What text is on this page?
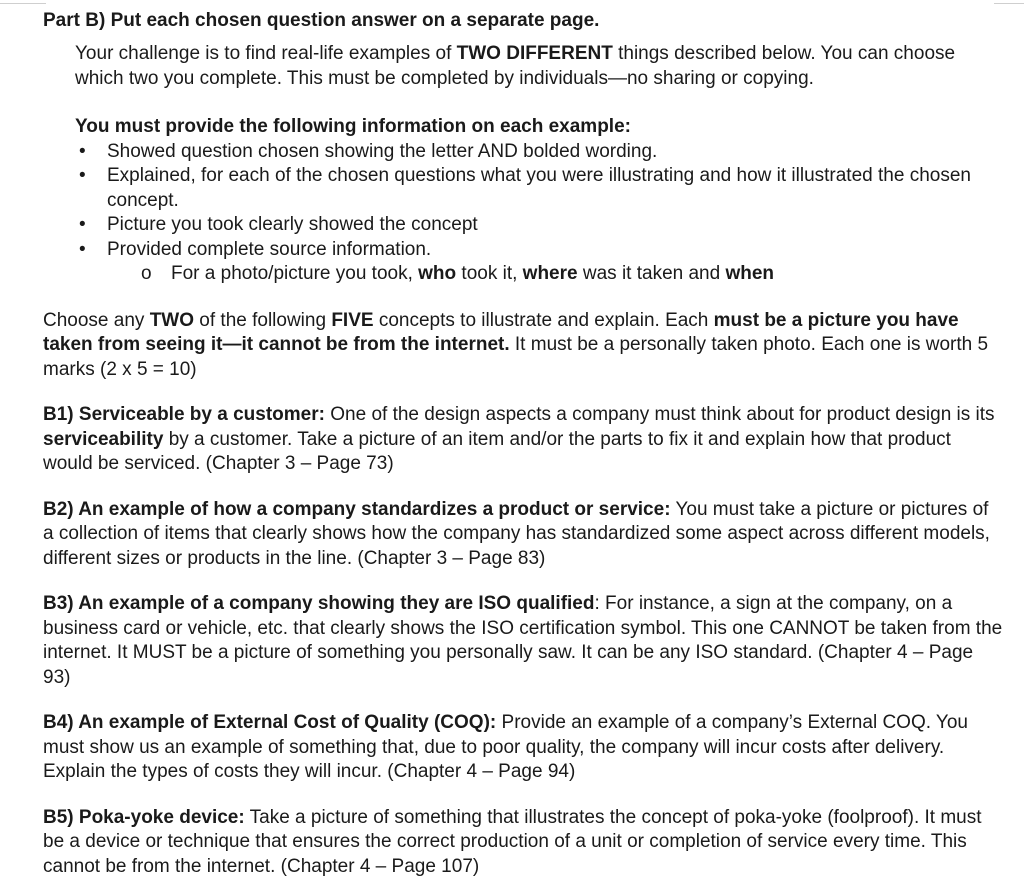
Part B) Put each chosen question answer on a separate page.

Your challenge is to find real-life examples of TWO DIFFERENT things described below. You can choose which two you complete. This must be completed by individuals—no sharing or copying.

You must provide the following information on each example:

• Showed question chosen showing the letter AND bolded wording.
• Explained, for each of the chosen questions what you were illustrating and how it illustrated the chosen concept.
• Picture you took clearly showed the concept
• Provided complete source information.
o For a photo/picture you took, who took it, where was it taken and when

Choose any TWO of the following FIVE concepts to illustrate and explain. Each must be a picture you have taken from seeing it—it cannot be from the internet. It must be a personally taken photo. Each one is worth 5 marks (2 x 5 = 10)

B1) Serviceable by a customer: One of the design aspects a company must think about for product design is its serviceability by a customer. Take a picture of an item and/or the parts to fix it and explain how that product would be serviced. (Chapter 3 – Page 73)

B2) An example of how a company standardizes a product or service: You must take a picture or pictures of a collection of items that clearly shows how the company has standardized some aspect across different models, different sizes or products in the line. (Chapter 3 – Page 83)

B3) An example of a company showing they are ISO qualified: For instance, a sign at the company, on a business card or vehicle, etc. that clearly shows the ISO certification symbol. This one CANNOT be taken from the internet. It MUST be a picture of something you personally saw. It can be any ISO standard. (Chapter 4 – Page 93)

B4) An example of External Cost of Quality (COQ): Provide an example of a company’s External COQ. You must show us an example of something that, due to poor quality, the company will incur costs after delivery. Explain the types of costs they will incur. (Chapter 4 – Page 94)

B5) Poka-yoke device: Take a picture of something that illustrates the concept of poka-yoke (foolproof). It must be a device or technique that ensures the correct production of a unit or completion of service every time. This cannot be from the internet. (Chapter 4 – Page 107)
